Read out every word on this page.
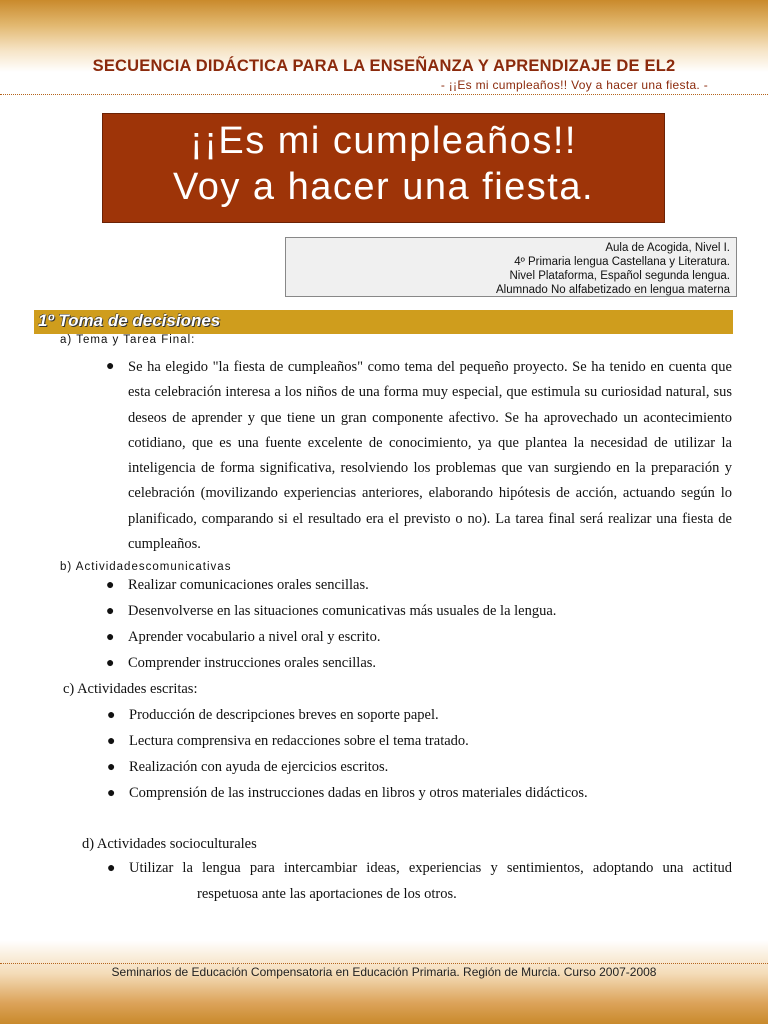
SECUENCIA DIDÁCTICA PARA LA ENSEÑANZA Y APRENDIZAJE DE EL2
- ¡¡Es mi cumpleaños!! Voy a hacer una fiesta. -
¡¡Es mi cumpleaños!!
Voy a hacer una fiesta.
Aula de Acogida, Nivel I.
4º Primaria lengua Castellana y Literatura.
Nivel Plataforma, Español segunda lengua.
Alumnado No alfabetizado en lengua materna
1º Toma de decisiones
a) Tema y Tarea Final:
● Se ha elegido "la fiesta de cumpleaños" como tema del pequeño proyecto. Se ha tenido en cuenta que esta celebración interesa a los niños de una forma muy especial, que estimula su curiosidad natural, sus deseos de aprender y que tiene un gran componente afectivo. Se ha aprovechado un acontecimiento cotidiano, que es una fuente excelente de conocimiento, ya que plantea la necesidad de utilizar la inteligencia de forma significativa, resolviendo los problemas que van surgiendo en la preparación y celebración (movilizando experiencias anteriores, elaborando hipótesis de acción, actuando según lo planificado, comparando si el resultado era el previsto o no). La tarea final será realizar una fiesta de cumpleaños.

b) Actividadescomunicativas
● Realizar comunicaciones orales sencillas.
● Desenvolverse en las situaciones comunicativas más usuales de la lengua.
● Aprender vocabulario a nivel oral y escrito.
● Comprender instrucciones orales sencillas.
c) Actividades escritas:
● Producción de descripciones breves en soporte papel.
● Lectura comprensiva en redacciones sobre el tema tratado.
● Realización con ayuda de ejercicios escritos.
● Comprensión de las instrucciones dadas en libros y otros materiales didácticos.
d) Actividades socioculturales
● Utilizar la lengua para intercambiar ideas, experiencias y sentimientos, adoptando una actitud
respetuosa ante las aportaciones de los otros.
Seminarios de Educación Compensatoria en Educación Primaria. Región de Murcia. Curso 2007-2008
